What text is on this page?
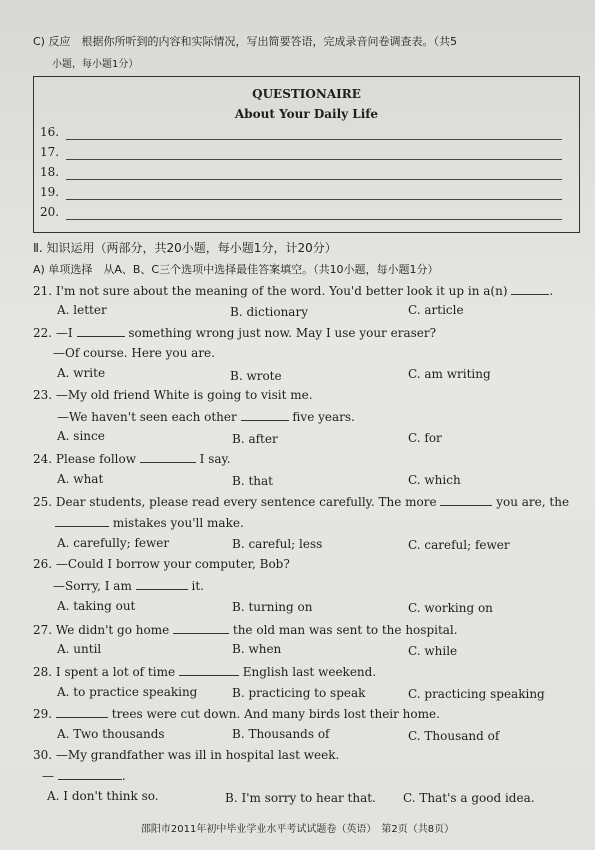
C) 反应　根据你所听到的内容和实际情况，写出简要答语，完成录音问卷调查表。（共5
小题，每小题1分）
QUESTIONAIRE
About Your Daily Life
16.
17.
18.
19.
20.
Ⅱ. 知识运用（两部分，共20小题，每小题1分，计20分）
A) 单项选择　从A、B、C三个选项中选择最佳答案填空。（共10小题，每小题1分）
21. I'm not sure about the meaning of the word. You'd better look it up in a(n)	.
A. letter	B. dictionary	C. article
22. —I	something wrong just now. May I use your eraser?
—Of course. Here you are.
A. write	B. wrote	C. am writing
23. —My old friend White is going to visit me.
—We haven't seen each other	five years.
A. since	B. after	C. for
24. Please follow	I say.
A. what	B. that	C. which
25. Dear students, please read every sentence carefully. The more	you are, the
mistakes you'll make.
A. carefully; fewer	B. careful; less	C. careful; fewer
26. —Could I borrow your computer, Bob?
—Sorry, I am	it.
A. taking out	B. turning on	C. working on
27. We didn't go home	the old man was sent to the hospital.
A. until	B. when	C. while
28. I spent a lot of time	English last weekend.
A. to practice speaking	B. practicing to speak	C. practicing speaking
29.	trees were cut down. And many birds lost their home.
A. Two thousands	B. Thousands of	C. Thousand of
30. —My grandfather was ill in hospital last week.
—	.
A. I don't think so.	B. I'm sorry to hear that. C. That's a good idea.
邵阳市2011年初中毕业学业水平考试试题卷（英语）　第2页（共8页）
